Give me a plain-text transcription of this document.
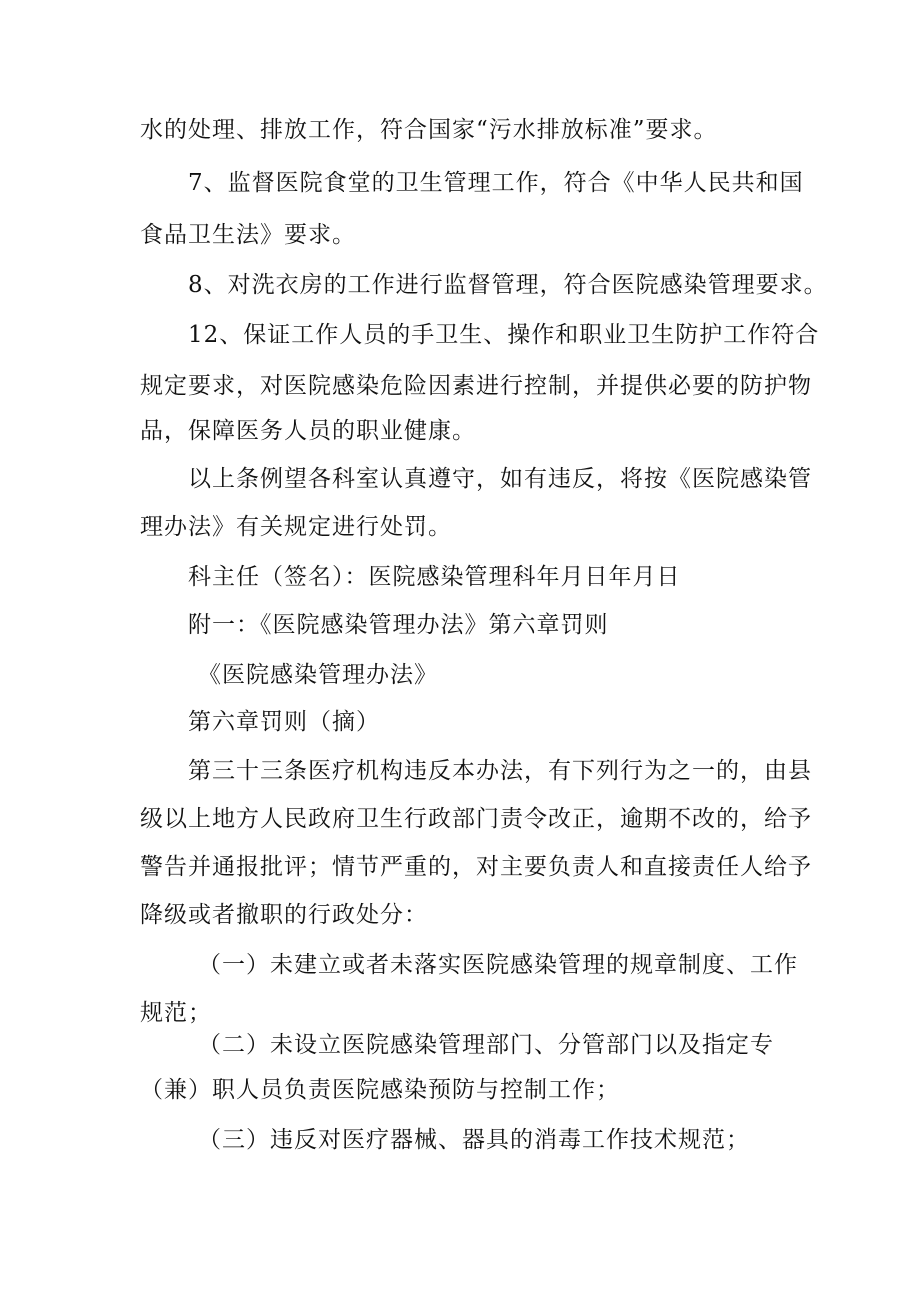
水的处理、排放工作，符合国家“污水排放标准”要求。
7、监督医院食堂的卫生管理工作，符合《中华人民共和国
食品卫生法》要求。
8、对洗衣房的工作进行监督管理，符合医院感染管理要求。
12、保证工作人员的手卫生、操作和职业卫生防护工作符合
规定要求，对医院感染危险因素进行控制，并提供必要的防护物
品，保障医务人员的职业健康。
以上条例望各科室认真遵守，如有违反，将按《医院感染管
理办法》有关规定进行处罚。
科主任（签名）：医院感染管理科年月日年月日
附一：《医院感染管理办法》第六章罚则
《医院感染管理办法》
第六章罚则（摘）
第三十三条医疗机构违反本办法，有下列行为之一的，由县
级以上地方人民政府卫生行政部门责令改正，逾期不改的，给予
警告并通报批评；情节严重的，对主要负责人和直接责任人给予
降级或者撤职的行政处分：
（一）未建立或者未落实医院感染管理的规章制度、工作
规范；
（二）未设立医院感染管理部门、分管部门以及指定专
（兼）职人员负责医院感染预防与控制工作；
（三）违反对医疗器械、器具的消毒工作技术规范；
